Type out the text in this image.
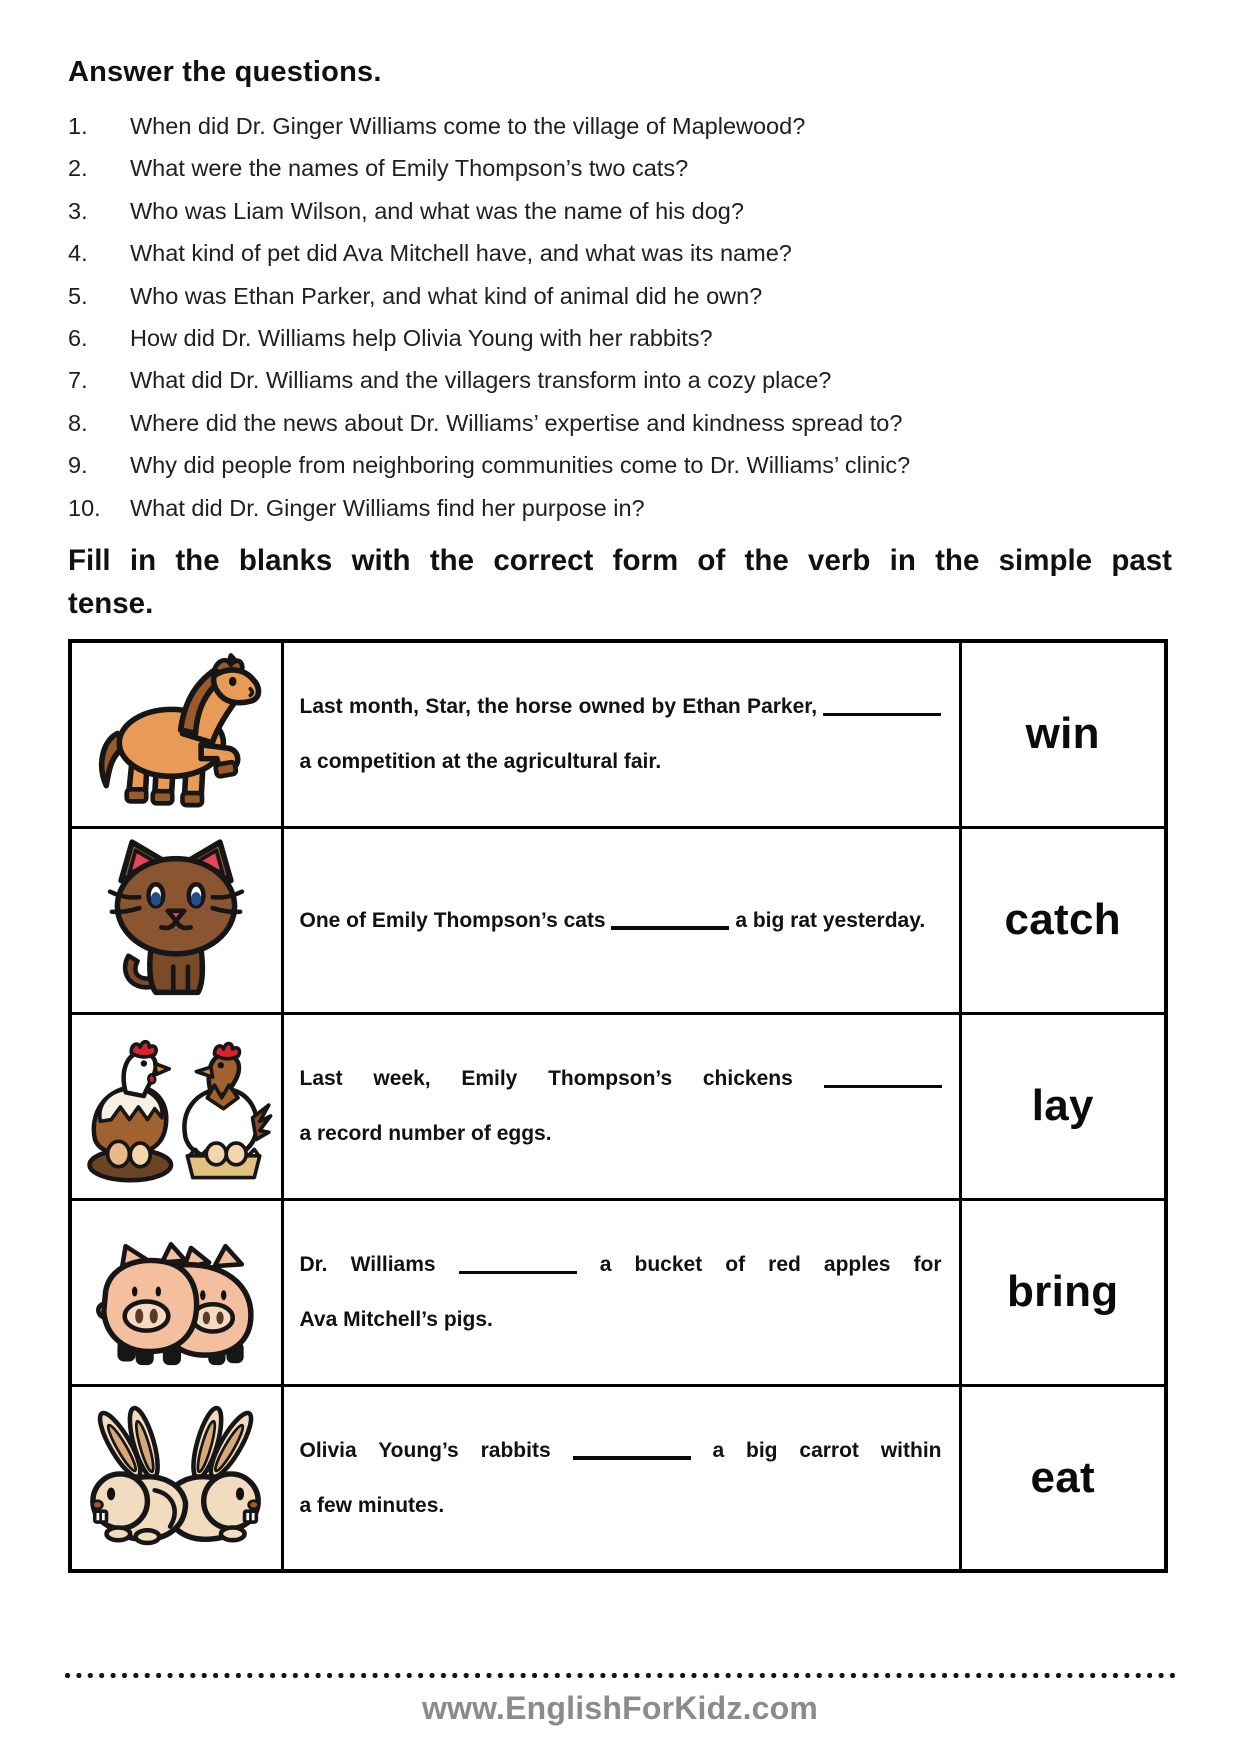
Answer the questions.
1.	When did Dr. Ginger Williams come to the village of Maplewood?
2.	What were the names of Emily Thompson’s two cats?
3.	Who was Liam Wilson, and what was the name of his dog?
4.	What kind of pet did Ava Mitchell have, and what was its name?
5.	Who was Ethan Parker, and what kind of animal did he own?
6.	How did Dr. Williams help Olivia Young with her rabbits?
7.	What did Dr. Williams and the villagers transform into a cozy place?
8.	Where did the news about Dr. Williams’ expertise and kindness spread to?
9.	Why did people from neighboring communities come to Dr. Williams’ clinic?
10.	What did Dr. Ginger Williams find her purpose in?
Fill in the blanks with the correct form of the verb in the simple past
tense.

Last month, Star, the horse owned by Ethan Parker,  a competition at the agricultural fair.	win

One of Emily Thompson’s cats a big rat yesterday.	catch

Last week, Emily Thompson’s chickens  a record number of eggs.	lay

Dr. Williams a bucket of red apples for Ava Mitchell’s pigs.	bring

Olivia Young’s rabbits a big carrot within a few minutes.	eat
www.EnglishForKidz.com
